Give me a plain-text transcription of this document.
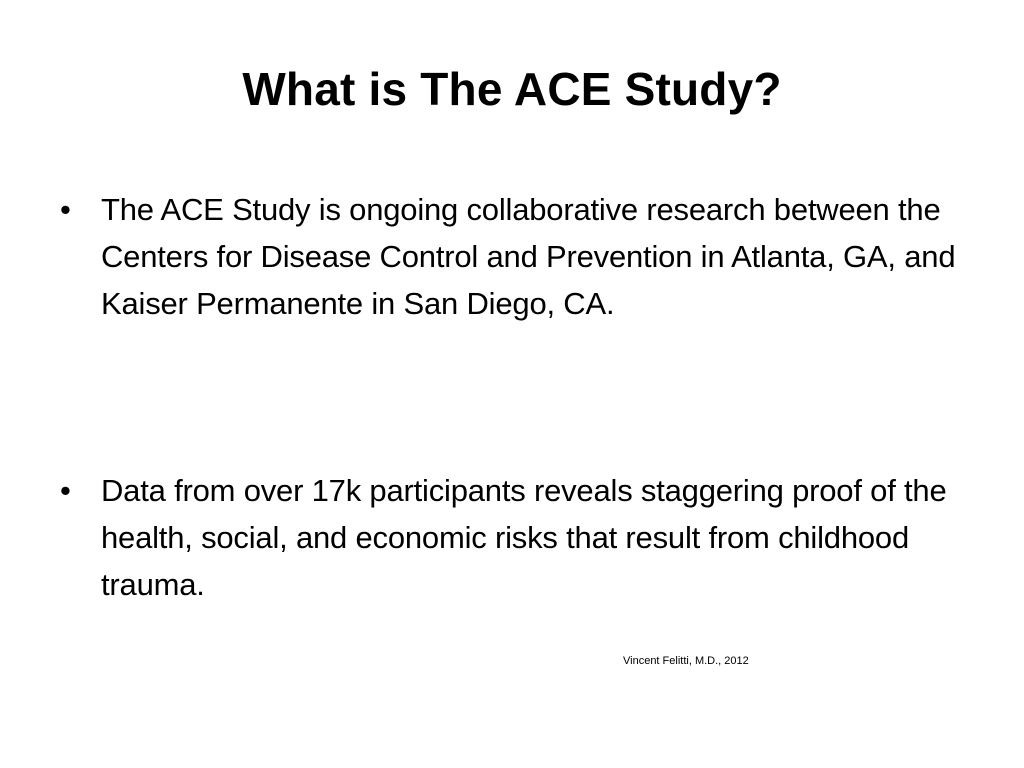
What is The ACE Study?
• The ACE Study is ongoing collaborative research between the Centers for Disease Control and Prevention in Atlanta, GA, and Kaiser Permanente in San Diego, CA.
• Data from over 17k participants reveals staggering proof of the health, social, and economic risks that result from childhood trauma.
Vincent Felitti, M.D., 2012
